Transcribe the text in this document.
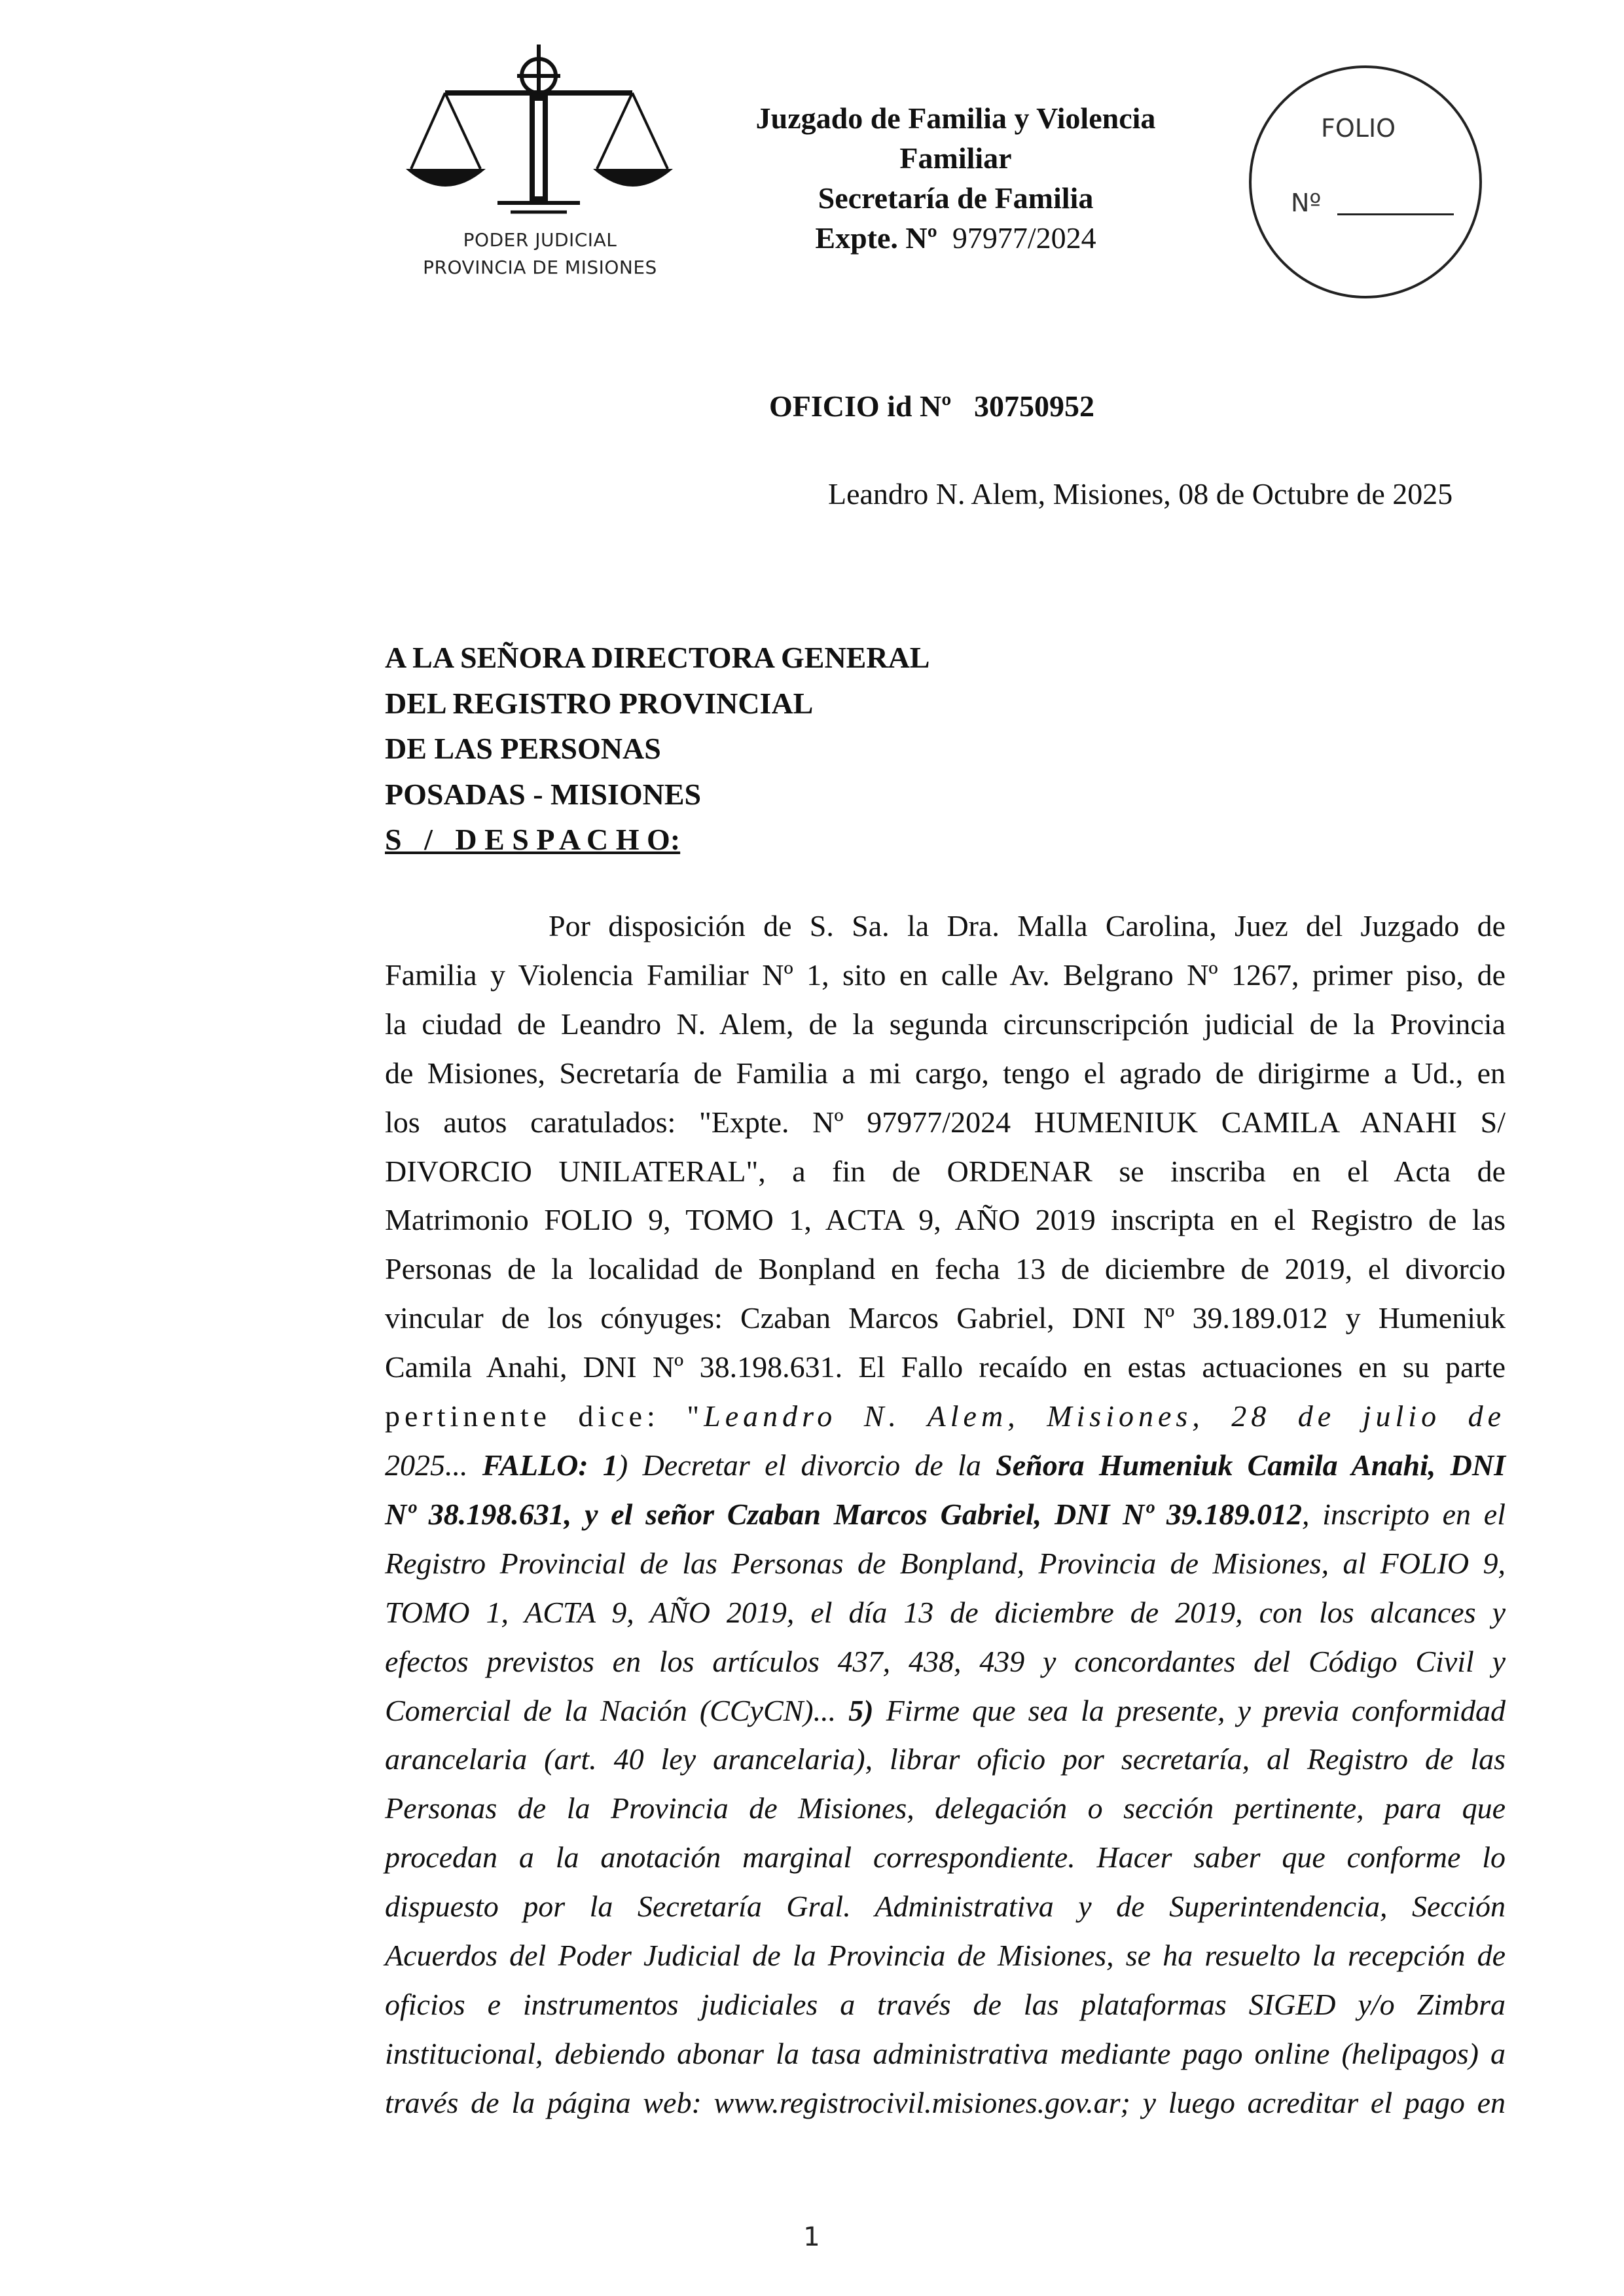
PODER JUDICIAL
PROVINCIA DE MISIONES
Juzgado de Familia y Violencia
Familiar
Secretaría de Familia
Expte. Nº 97977/2024
FOLIO
Nº
OFICIO id Nº   30750952
Leandro N. Alem, Misiones, 08 de Octubre de 2025
A LA SEÑORA DIRECTORA GENERAL
DEL REGISTRO PROVINCIAL
DE LAS PERSONAS
POSADAS - MISIONES
S   /   D E S P A C H O:
Por disposición de S. Sa. la Dra. Malla Carolina, Juez del Juzgado de
Familia y Violencia Familiar Nº 1, sito en calle Av. Belgrano Nº 1267, primer piso, de
la ciudad de Leandro N. Alem, de la segunda circunscripción judicial de la Provincia
de Misiones, Secretaría de Familia a mi cargo, tengo el agrado de dirigirme a Ud., en
los autos caratulados: "Expte. Nº 97977/2024 HUMENIUK CAMILA ANAHI S/
DIVORCIO UNILATERAL", a fin de ORDENAR se inscriba en el Acta de
Matrimonio FOLIO 9, TOMO 1, ACTA 9, AÑO 2019 inscripta en el Registro de las
Personas de la localidad de Bonpland en fecha 13 de diciembre de 2019, el divorcio
vincular de los cónyuges: Czaban Marcos Gabriel, DNI Nº 39.189.012 y Humeniuk
Camila Anahi, DNI Nº 38.198.631. El Fallo recaído en estas actuaciones en su parte
pertinente dice: "Leandro N. Alem, Misiones, 28 de julio de
2025... FALLO: 1) Decretar el divorcio de la Señora Humeniuk Camila Anahi, DNI
Nº 38.198.631, y el señor Czaban Marcos Gabriel, DNI Nº 39.189.012, inscripto en el
Registro Provincial de las Personas de Bonpland, Provincia de Misiones, al FOLIO 9,
TOMO 1, ACTA 9, AÑO 2019, el día 13 de diciembre de 2019, con los alcances y
efectos previstos en los artículos 437, 438, 439 y concordantes del Código Civil y
Comercial de la Nación (CCyCN)... 5) Firme que sea la presente, y previa conformidad
arancelaria (art. 40 ley arancelaria), librar oficio por secretaría, al Registro de las
Personas de la Provincia de Misiones, delegación o sección pertinente, para que
procedan a la anotación marginal correspondiente. Hacer saber que conforme lo
dispuesto por la Secretaría Gral. Administrativa y de Superintendencia, Sección
Acuerdos del Poder Judicial de la Provincia de Misiones, se ha resuelto la recepción de
oficios e instrumentos judiciales a través de las plataformas SIGED y/o Zimbra
institucional, debiendo abonar la tasa administrativa mediante pago online (helipagos) a
través de la página web: www.registrocivil.misiones.gov.ar; y luego acreditar el pago en
1
